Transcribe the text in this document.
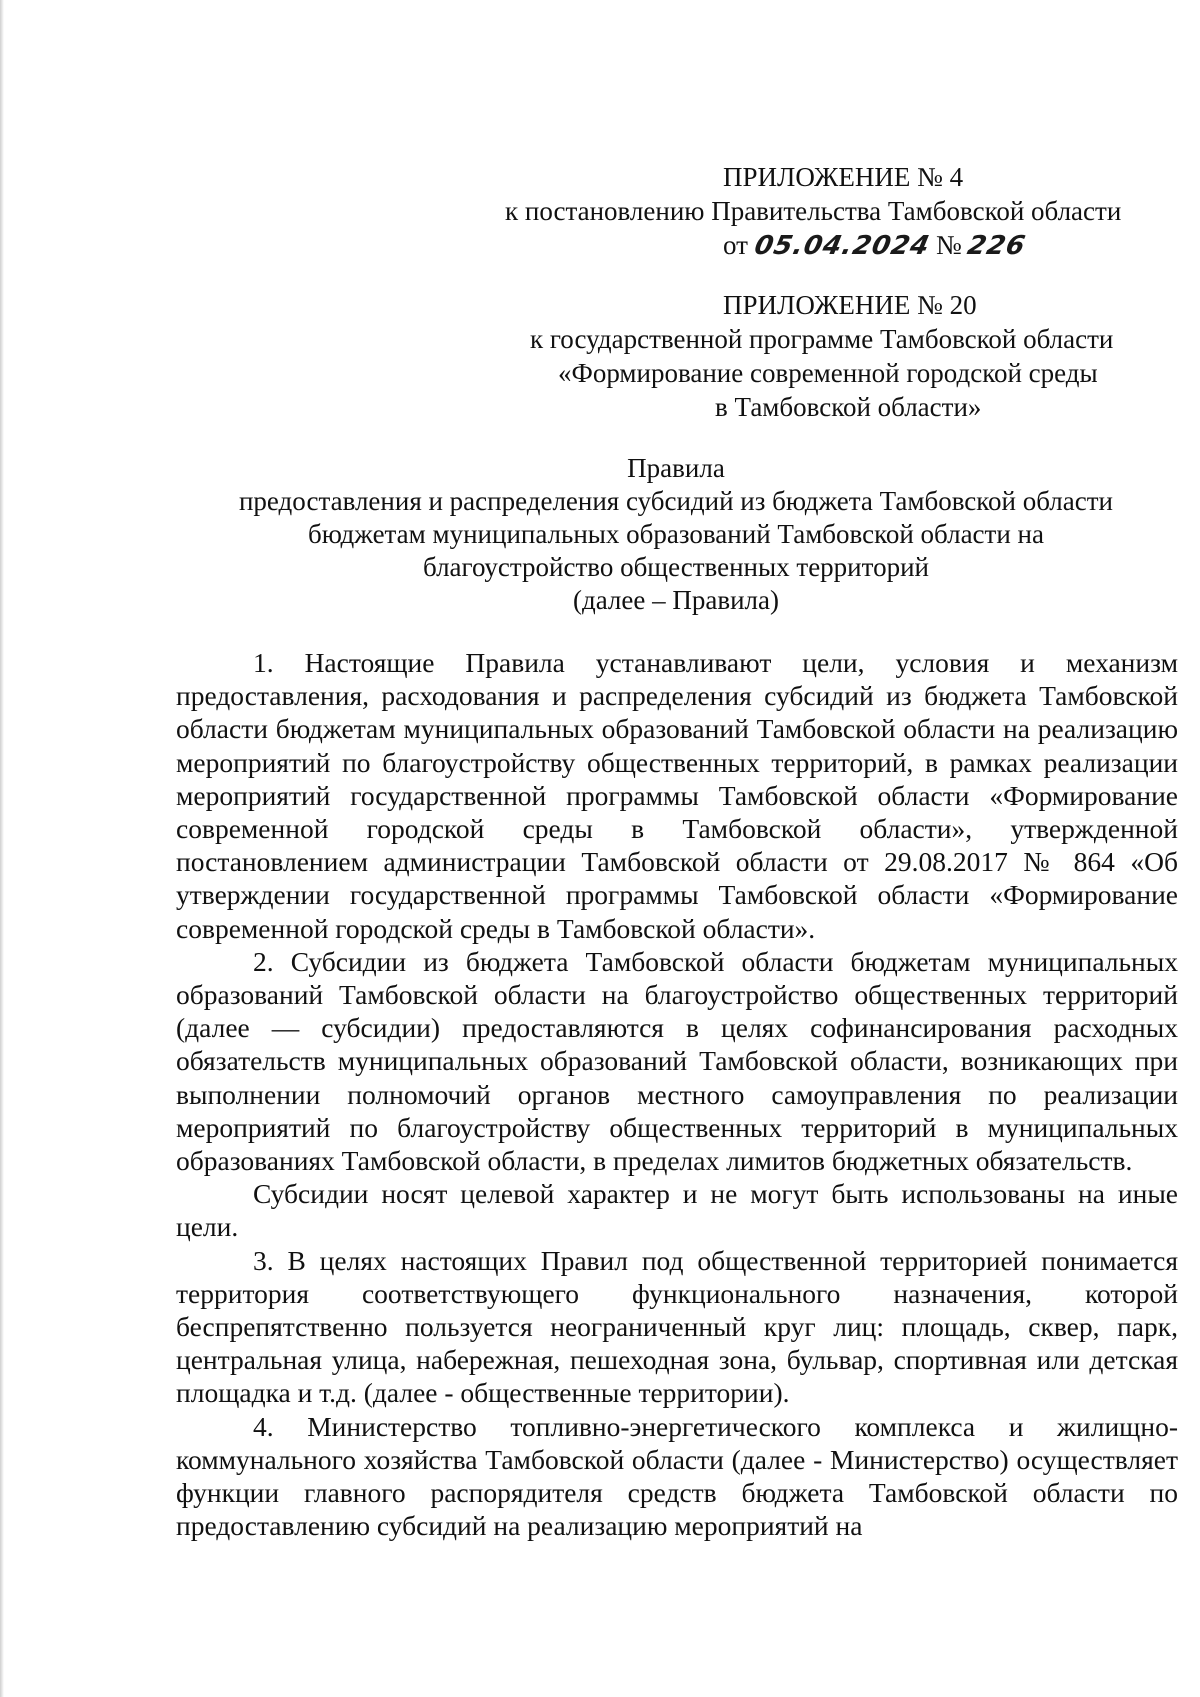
ПРИЛОЖЕНИЕ № 4
к постановлению Правительства Тамбовской области
от 05.04.2024 № 226
ПРИЛОЖЕНИЕ № 20
к государственной программе Тамбовской области
«Формирование современной городской среды
в Тамбовской области»
Правила
предоставления и распределения субсидий из бюджета Тамбовской области
бюджетам муниципальных образований Тамбовской области на
благоустройство общественных территорий
(далее – Правила)

1. Настоящие Правила устанавливают цели, условия и механизм предоставления, расходования и распределения субсидий из бюджета Тамбовской области бюджетам муниципальных образований Тамбовской области на реализацию мероприятий по благоустройству общественных территорий, в рамках реализации мероприятий государственной программы Тамбовской области «Формирование современной городской среды в Тамбовской области», утвержденной постановлением администрации Тамбовской области от 29.08.2017 № 864 «Об утверждении государственной программы Тамбовской области «Формирование современной городской среды в Тамбовской области».

2. Субсидии из бюджета Тамбовской области бюджетам муниципальных образований Тамбовской области на благоустройство общественных территорий (далее — субсидии) предоставляются в целях софинансирования расходных обязательств муниципальных образований Тамбовской области, возникающих при выполнении полномочий органов местного самоуправления по реализации мероприятий по благоустройству общественных территорий в муниципальных образованиях Тамбовской области, в пределах лимитов бюджетных обязательств.

Субсидии носят целевой характер и не могут быть использованы на иные цели.

3. В целях настоящих Правил под общественной территорией понимается территория соответствующего функционального назначения, которой беспрепятственно пользуется неограниченный круг лиц: площадь, сквер, парк, центральная улица, набережная, пешеходная зона, бульвар, спортивная или детская площадка и т.д. (далее - общественные территории).

4. Министерство топливно-энергетического комплекса и жилищно-коммунального хозяйства Тамбовской области (далее - Министерство) осуществляет функции главного распорядителя средств бюджета Тамбовской области по предоставлению субсидий на реализацию мероприятий на
